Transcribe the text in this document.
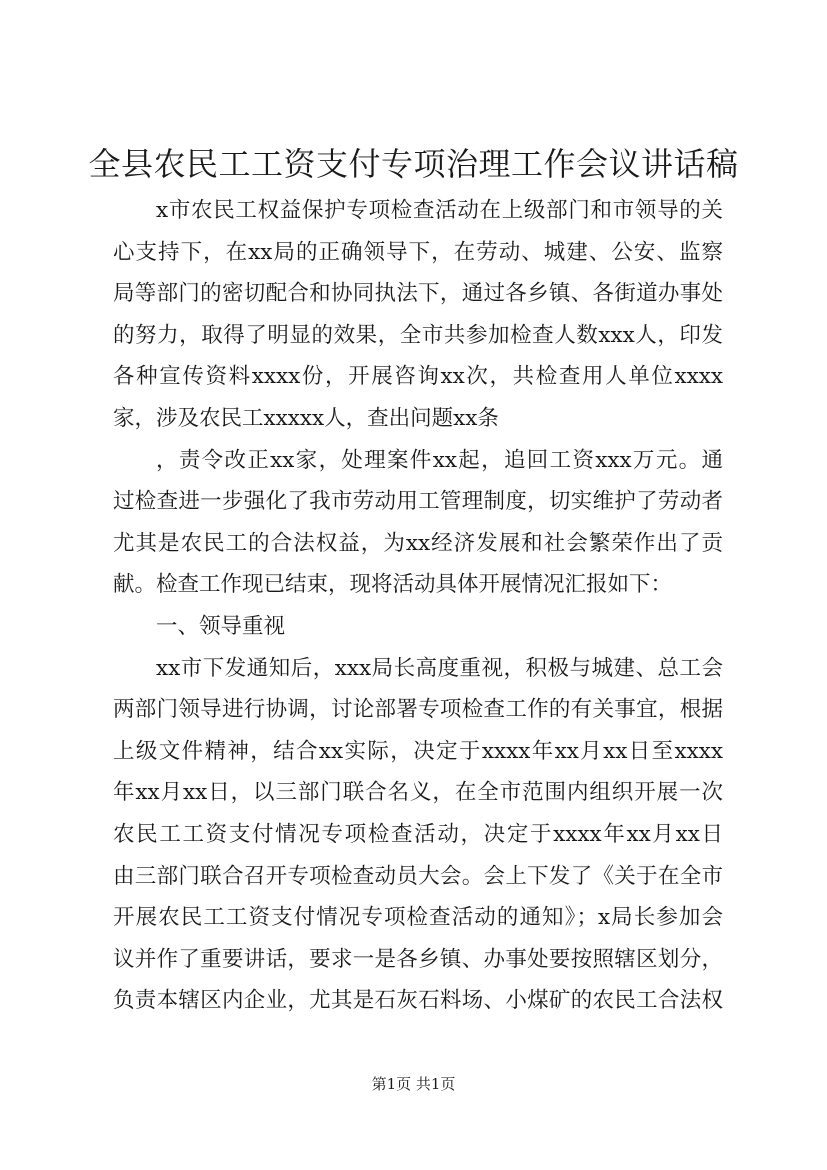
全县农民工工资支付专项治理工作会议讲话稿
x市农民工权益保护专项检查活动在上级部门和市领导的关
心支持下，在xx局的正确领导下，在劳动、城建、公安、监察
局等部门的密切配合和协同执法下，通过各乡镇、各街道办事处
的努力，取得了明显的效果，全市共参加检查人数xxx人，印发
各种宣传资料xxxx份，开展咨询xx次，共检查用人单位xxxx
家，涉及农民工xxxxx人，查出问题xx条
，责令改正xx家，处理案件xx起，追回工资xxx万元。通
过检查进一步强化了我市劳动用工管理制度，切实维护了劳动者
尤其是农民工的合法权益，为xx经济发展和社会繁荣作出了贡
献。检查工作现已结束，现将活动具体开展情况汇报如下：
一、领导重视
xx市下发通知后，xxx局长高度重视，积极与城建、总工会
两部门领导进行协调，讨论部署专项检查工作的有关事宜，根据
上级文件精神，结合xx实际，决定于xxxx年xx月xx日至xxxx
年xx月xx日，以三部门联合名义，在全市范围内组织开展一次
农民工工资支付情况专项检查活动，决定于xxxx年xx月xx日
由三部门联合召开专项检查动员大会。会上下发了《关于在全市
开展农民工工资支付情况专项检查活动的通知》；x局长参加会
议并作了重要讲话，要求一是各乡镇、办事处要按照辖区划分，
负责本辖区内企业，尤其是石灰石料场、小煤矿的农民工合法权
第1页 共1页
